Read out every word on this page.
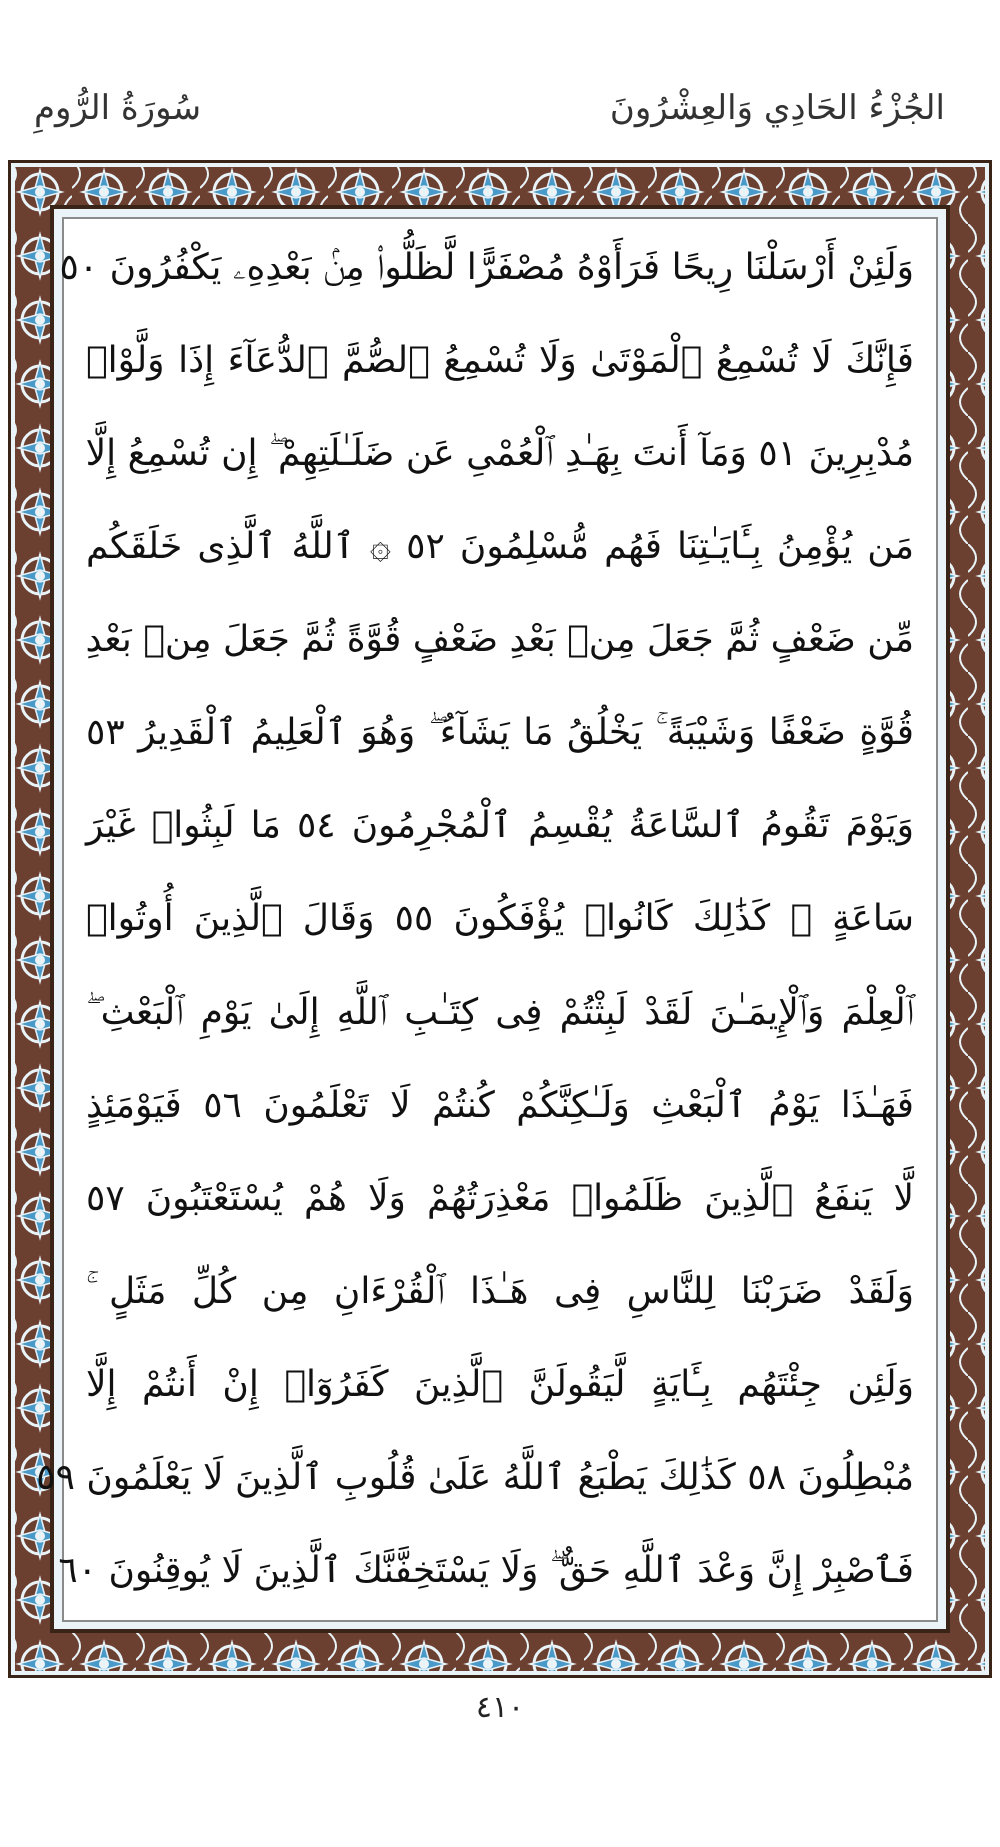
الجُزْءُ الحَادِي وَالعِشْرُونَ
سُورَةُ الرُّومِ
وَلَئِنْ أَرْسَلْنَا رِيحًا فَرَأَوْهُ مُصْفَرًّا لَّظَلُّوا۟ مِنۢ بَعْدِهِۦ يَكْفُرُونَ ٥٠
فَإِنَّكَ لَا تُسْمِعُ ٱلْمَوْتَىٰ وَلَا تُسْمِعُ ٱلصُّمَّ ٱلدُّعَآءَ إِذَا وَلَّوْا۟
مُدْبِرِينَ ٥١ وَمَآ أَنتَ بِهَـٰدِ ٱلْعُمْىِ عَن ضَلَـٰلَتِهِمْ ۖ إِن تُسْمِعُ إِلَّا
مَن يُؤْمِنُ بِـَٔايَـٰتِنَا فَهُم مُّسْلِمُونَ ٥٢ ۞ ٱللَّهُ ٱلَّذِى خَلَقَكُم
مِّن ضَعْفٍ ثُمَّ جَعَلَ مِنۢ بَعْدِ ضَعْفٍ قُوَّةً ثُمَّ جَعَلَ مِنۢ بَعْدِ
قُوَّةٍ ضَعْفًا وَشَيْبَةً ۚ يَخْلُقُ مَا يَشَآءُ ۖ وَهُوَ ٱلْعَلِيمُ ٱلْقَدِيرُ ٥٣
وَيَوْمَ تَقُومُ ٱلسَّاعَةُ يُقْسِمُ ٱلْمُجْرِمُونَ ٥٤ مَا لَبِثُوا۟ غَيْرَ
سَاعَةٍ ۚ كَذَٰلِكَ كَانُوا۟ يُؤْفَكُونَ ٥٥ وَقَالَ ٱلَّذِينَ أُوتُوا۟
ٱلْعِلْمَ وَٱلْإِيمَـٰنَ لَقَدْ لَبِثْتُمْ فِى كِتَـٰبِ ٱللَّهِ إِلَىٰ يَوْمِ ٱلْبَعْثِ ۖ
فَهَـٰذَا يَوْمُ ٱلْبَعْثِ وَلَـٰكِنَّكُمْ كُنتُمْ لَا تَعْلَمُونَ ٥٦ فَيَوْمَئِذٍ
لَّا يَنفَعُ ٱلَّذِينَ ظَلَمُوا۟ مَعْذِرَتُهُمْ وَلَا هُمْ يُسْتَعْتَبُونَ ٥٧
وَلَقَدْ ضَرَبْنَا لِلنَّاسِ فِى هَـٰذَا ٱلْقُرْءَانِ مِن كُلِّ مَثَلٍ ۚ
وَلَئِن جِئْتَهُم بِـَٔايَةٍ لَّيَقُولَنَّ ٱلَّذِينَ كَفَرُوٓا۟ إِنْ أَنتُمْ إِلَّا
مُبْطِلُونَ ٥٨ كَذَٰلِكَ يَطْبَعُ ٱللَّهُ عَلَىٰ قُلُوبِ ٱلَّذِينَ لَا يَعْلَمُونَ ٥٩
فَٱصْبِرْ إِنَّ وَعْدَ ٱللَّهِ حَقٌّ ۖ وَلَا يَسْتَخِفَّنَّكَ ٱلَّذِينَ لَا يُوقِنُونَ ٦٠
٤١٠
